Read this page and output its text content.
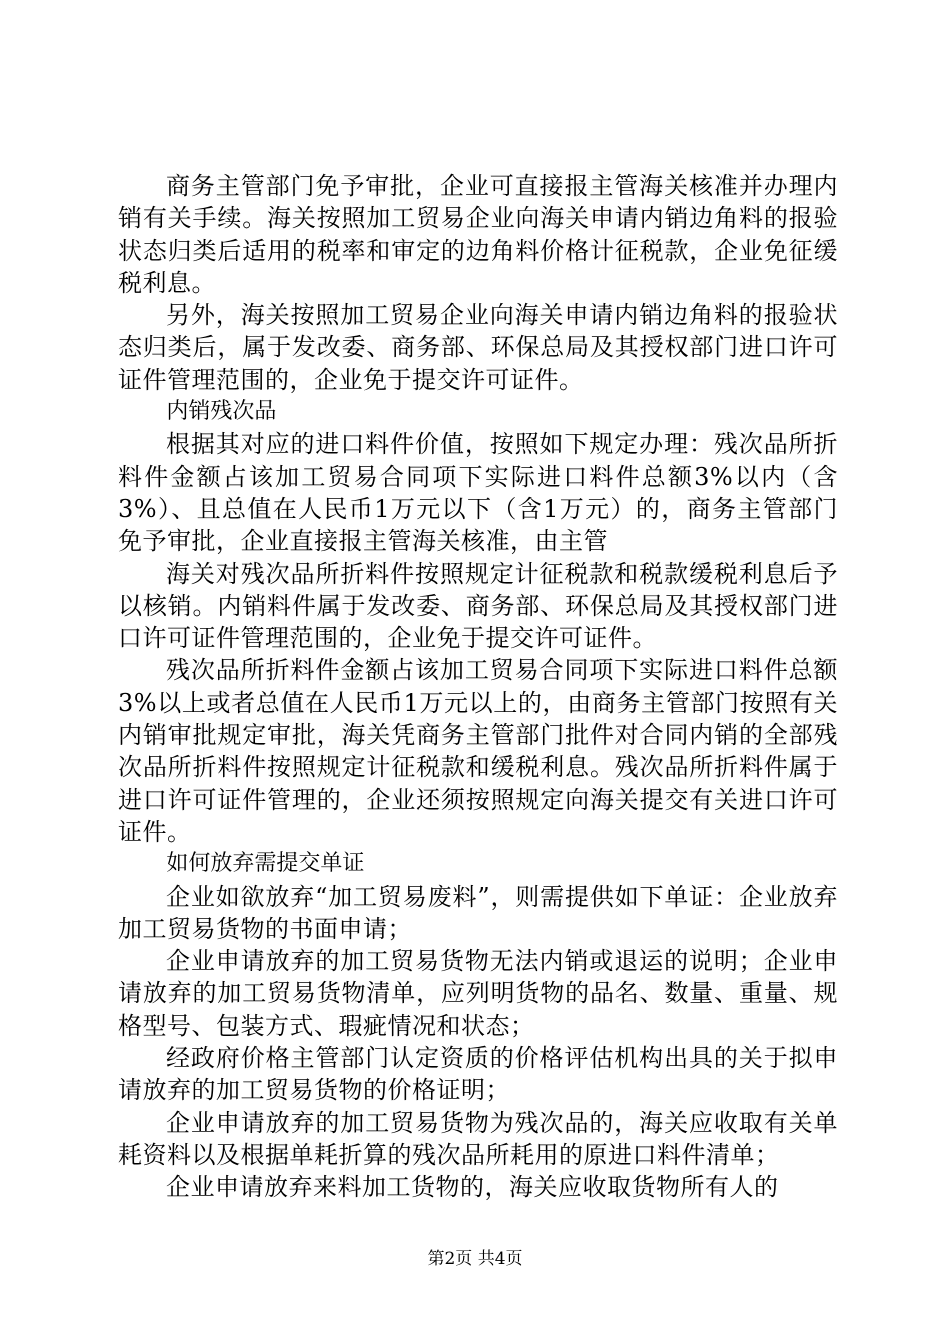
商务主管部门免予审批，企业可直接报主管海关核准并办理内销有关手续。海关按照加工贸易企业向海关申请内销边角料的报验状态归类后适用的税率和审定的边角料价格计征税款，企业免征缓税利息。

另外，海关按照加工贸易企业向海关申请内销边角料的报验状态归类后，属于发改委、商务部、环保总局及其授权部门进口许可证件管理范围的，企业免于提交许可证件。

内销残次品

根据其对应的进口料件价值，按照如下规定办理：残次品所折料件金额占该加工贸易合同项下实际进口料件总额3%以内（含3%）、且总值在人民币1万元以下（含1万元）的，商务主管部门免予审批，企业直接报主管海关核准，由主管

海关对残次品所折料件按照规定计征税款和税款缓税利息后予以核销。内销料件属于发改委、商务部、环保总局及其授权部门进口许可证件管理范围的，企业免于提交许可证件。

残次品所折料件金额占该加工贸易合同项下实际进口料件总额3%以上或者总值在人民币1万元以上的，由商务主管部门按照有关内销审批规定审批，海关凭商务主管部门批件对合同内销的全部残次品所折料件按照规定计征税款和缓税利息。残次品所折料件属于进口许可证件管理的，企业还须按照规定向海关提交有关进口许可证件。

如何放弃需提交单证

企业如欲放弃“加工贸易废料”，则需提供如下单证：企业放弃加工贸易货物的书面申请；

企业申请放弃的加工贸易货物无法内销或退运的说明；企业申请放弃的加工贸易货物清单，应列明货物的品名、数量、重量、规格型号、包装方式、瑕疵情况和状态；

经政府价格主管部门认定资质的价格评估机构出具的关于拟申请放弃的加工贸易货物的价格证明；

企业申请放弃的加工贸易货物为残次品的，海关应收取有关单耗资料以及根据单耗折算的残次品所耗用的原进口料件清单；

企业申请放弃来料加工货物的，海关应收取货物所有人的

第2页 共4页
